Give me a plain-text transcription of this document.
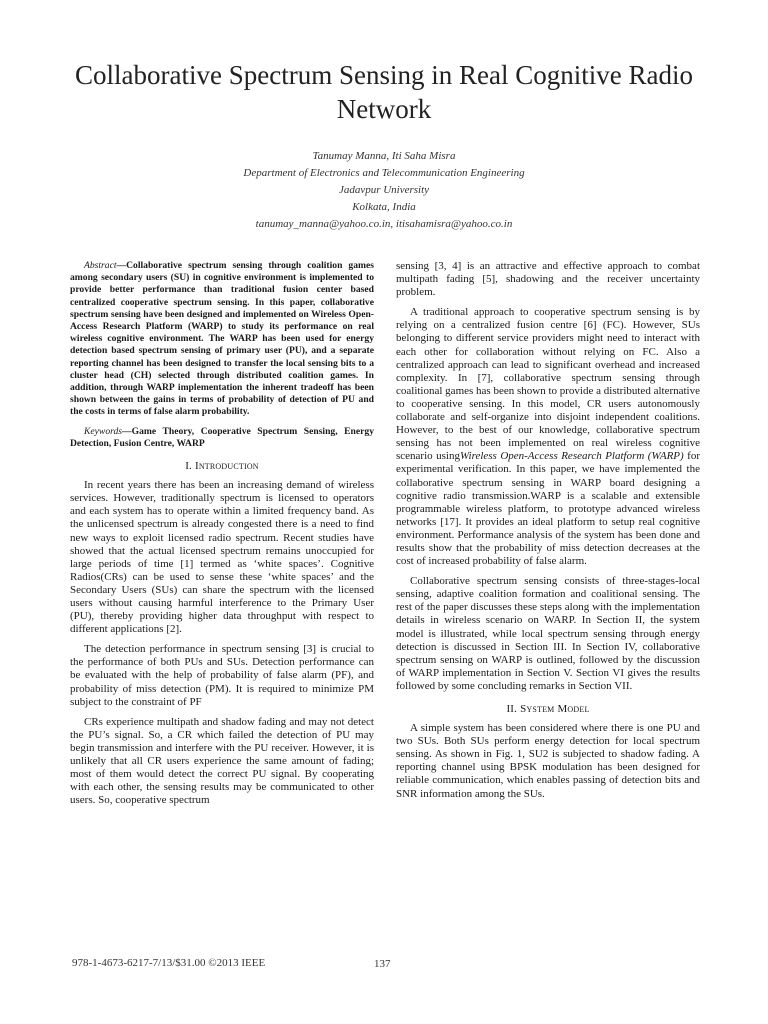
Collaborative Spectrum Sensing in Real Cognitive Radio Network
Tanumay Manna, Iti Saha Misra
Department of Electronics and Telecommunication Engineering
Jadavpur University
Kolkata, India
tanumay_manna@yahoo.co.in, itisahamisra@yahoo.co.in

Abstract—Collaborative spectrum sensing through coalition games among secondary users (SU) in cognitive environment is implemented to provide better performance than traditional fusion center based centralized cooperative spectrum sensing. In this paper, collaborative spectrum sensing have been designed and implemented on Wireless Open-Access Research Platform (WARP) to study its performance on real wireless cognitive environment. The WARP has been used for energy detection based spectrum sensing of primary user (PU), and a separate reporting channel has been designed to transfer the local sensing bits to a cluster head (CH) selected through distributed coalition games. In addition, through WARP implementation the inherent tradeoff has been shown between the gains in terms of probability of detection of PU and the costs in terms of false alarm probability.

Keywords—Game Theory, Cooperative Spectrum Sensing, Energy Detection, Fusion Centre, WARP

I. Introduction

In recent years there has been an increasing demand of wireless services. However, traditionally spectrum is licensed to operators and each system has to operate within a limited frequency band. As the unlicensed spectrum is already congested there is a need to find new ways to exploit licensed radio spectrum. Recent studies have showed that the actual licensed spectrum remains unoccupied for large periods of time [1] termed as ‘white spaces’. Cognitive Radios(CRs) can be used to sense these ‘white spaces’ and the Secondary Users (SUs) can share the spectrum with the licensed users without causing harmful interference to the Primary User (PU), thereby providing higher data throughput with respect to different applications [2].

The detection performance in spectrum sensing [3] is crucial to the performance of both PUs and SUs. Detection performance can be evaluated with the help of probability of false alarm (PF), and probability of miss detection (PM). It is required to minimize PM subject to the constraint of PF

CRs experience multipath and shadow fading and may not detect the PU’s signal. So, a CR which failed the detection of PU may begin transmission and interfere with the PU receiver. However, it is unlikely that all CR users experience the same amount of fading; most of them would detect the correct PU signal. By cooperating with each other, the sensing results may be communicated to other users. So, cooperative spectrum

sensing [3, 4] is an attractive and effective approach to combat multipath fading [5], shadowing and the receiver uncertainty problem.

A traditional approach to cooperative spectrum sensing is by relying on a centralized fusion centre [6] (FC). However, SUs belonging to different service providers might need to interact with each other for collaboration without relying on FC. Also a centralized approach can lead to significant overhead and increased complexity. In [7], collaborative spectrum sensing through coalitional games has been shown to provide a distributed alternative to cooperative sensing. In this model, CR users autonomously collaborate and self-organize into disjoint independent coalitions. However, to the best of our knowledge, collaborative spectrum sensing has not been implemented on real wireless cognitive scenario usingWireless Open-Access Research Platform (WARP) for experimental verification. In this paper, we have implemented the collaborative spectrum sensing in WARP board designing a cognitive radio transmission.WARP is a scalable and extensible programmable wireless platform, to prototype advanced wireless networks [17]. It provides an ideal platform to setup real cognitive environment. Performance analysis of the system has been done and results show that the probability of miss detection decreases at the cost of increased probability of false alarm.

Collaborative spectrum sensing consists of three-stages-local sensing, adaptive coalition formation and coalitional sensing. The rest of the paper discusses these steps along with the implementation details in wireless scenario on WARP. In Section II, the system model is illustrated, while local spectrum sensing through energy detection is discussed in Section III. In Section IV, collaborative spectrum sensing on WARP is outlined, followed by the discussion of WARP implementation in Section V. Section VI gives the results followed by some concluding remarks in Section VII.

II. System Model

A simple system has been considered where there is one PU and two SUs. Both SUs perform energy detection for local spectrum sensing. As shown in Fig. 1, SU2 is subjected to shadow fading. A reporting channel using BPSK modulation has been designed for reliable communication, which enables passing of detection bits and SNR information among the SUs.

978-1-4673-6217-7/13/$31.00 ©2013 IEEE	137
